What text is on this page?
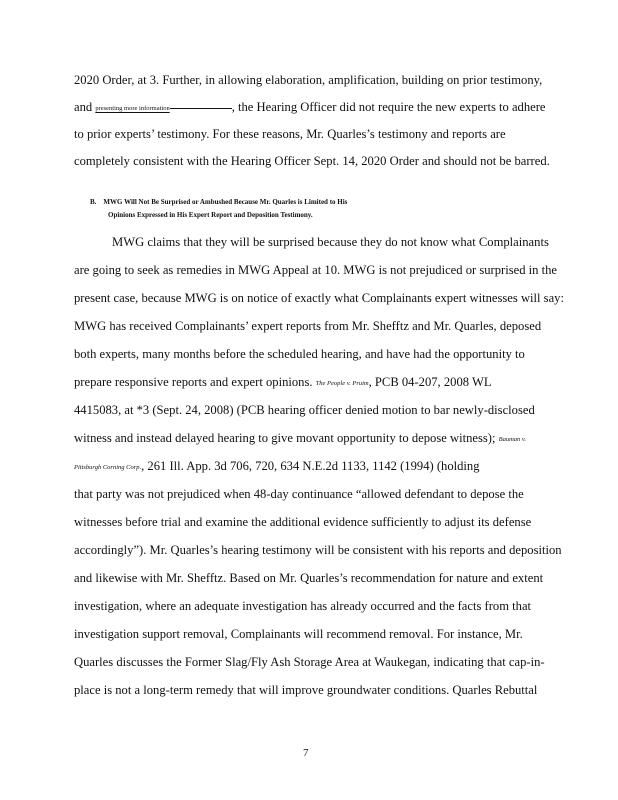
2020 Order, at 3. Further, in allowing elaboration, amplification, building on prior testimony,
and presenting more information	, the Hearing Officer did not require the new experts to adhere
to prior experts’ testimony. For these reasons, Mr. Quarles’s testimony and reports are
completely consistent with the Hearing Officer Sept. 14, 2020 Order and should not be barred.
B. MWG Will Not Be Surprised or Ambushed Because Mr. Quarles is Limited to His
Opinions Expressed in His Expert Report and Deposition Testimony.
MWG claims that they will be surprised because they do not know what Complainants
are going to seek as remedies in MWG Appeal at 10. MWG is not prejudiced or surprised in the
present case, because MWG is on notice of exactly what Complainants expert witnesses will say:
MWG has received Complainants’ expert reports from Mr. Shefftz and Mr. Quarles, deposed
both experts, many months before the scheduled hearing, and have had the opportunity to
prepare responsive reports and expert opinions. The People v. Pruim, PCB 04-207, 2008 WL
4415083, at *3 (Sept. 24, 2008) (PCB hearing officer denied motion to bar newly-disclosed
witness and instead delayed hearing to give movant opportunity to depose witness); Bauman v.
Pittsburgh Corning Corp., 261 Ill. App. 3d 706, 720, 634 N.E.2d 1133, 1142 (1994) (holding
that party was not prejudiced when 48-day continuance “allowed defendant to depose the
witnesses before trial and examine the additional evidence sufficiently to adjust its defense
accordingly”). Mr. Quarles’s hearing testimony will be consistent with his reports and deposition
and likewise with Mr. Shefftz. Based on Mr. Quarles’s recommendation for nature and extent
investigation, where an adequate investigation has already occurred and the facts from that
investigation support removal, Complainants will recommend removal. For instance, Mr.
Quarles discusses the Former Slag/Fly Ash Storage Area at Waukegan, indicating that cap-in-
place is not a long-term remedy that will improve groundwater conditions. Quarles Rebuttal
7
